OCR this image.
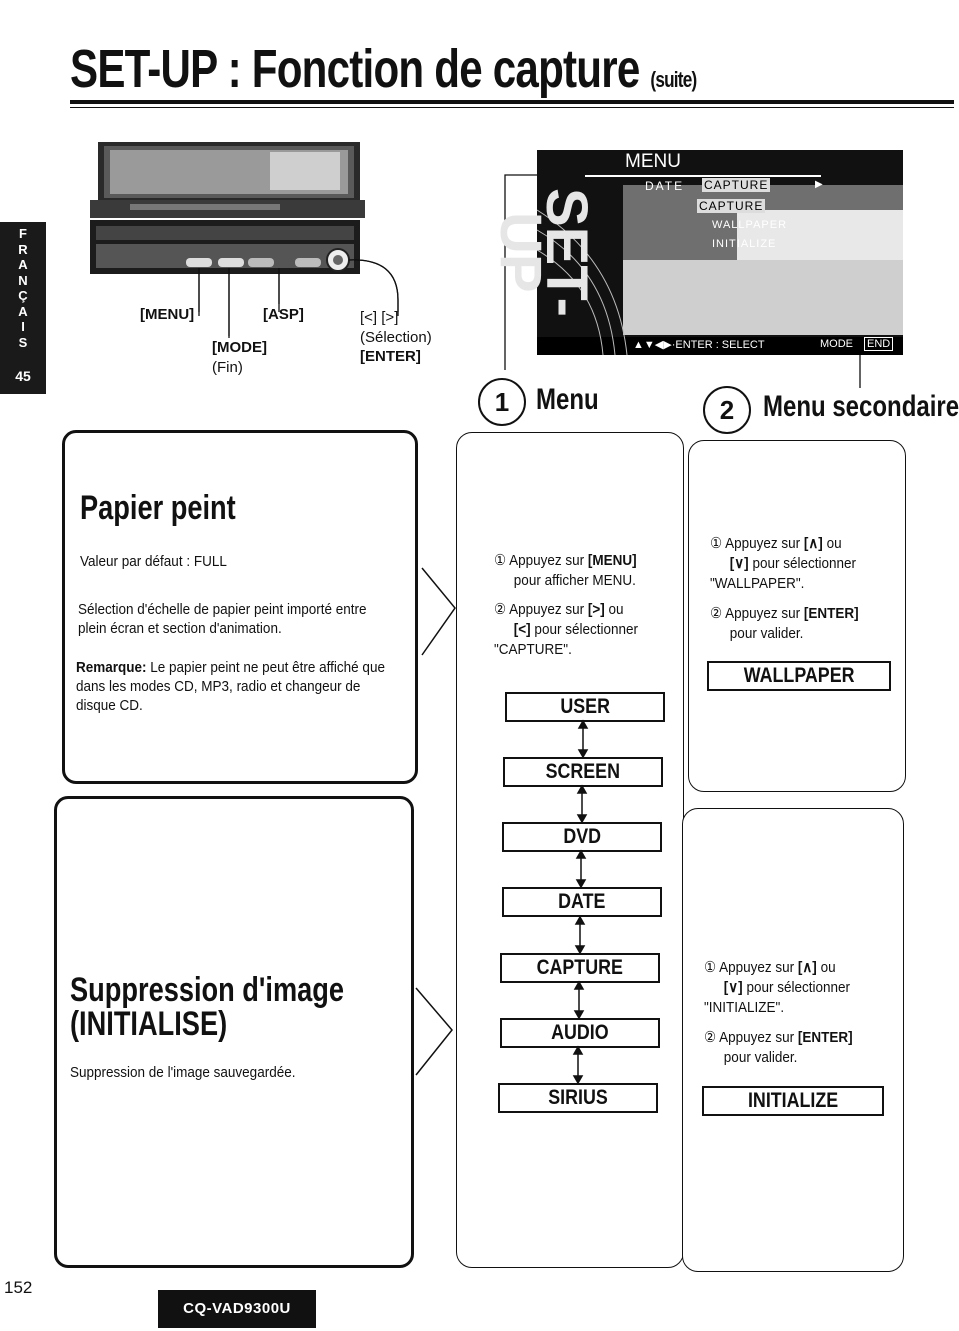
SET-UP : Fonction de capture (suite)
F
R
A
N
Ç
A
I
S
45
[MENU]	[ASP]	[<] [>]
(Sélection)
[ENTER]
[MODE]
(Fin)
SET-UP
MENU
DATE CAPTURE	▶
CAPTURE
WALLPAPER
INITIALIZE
▲▼◀▶·ENTER : SELECT	MODE END
1 Menu	2 Menu secondaire
Papier peint
Valeur par défaut : FULL
Sélection d'échelle de papier peint importé entre plein écran et section d'animation.
Remarque: Le papier peint ne peut être affiché que dans les modes CD, MP3, radio et changeur de disque CD.
Suppression d'image
(INITIALISE)
Suppression de l'image sauvegardée.
① Appuyez sur [MENU]
pour afficher MENU.
② Appuyez sur [>] ou
[<] pour sélectionner "CAPTURE".
USER
SCREEN
DVD
DATE
CAPTURE
AUDIO
SIRIUS
① Appuyez sur [∧] ou
[∨] pour sélectionner "WALLPAPER".
② Appuyez sur [ENTER]
pour valider.
WALLPAPER
① Appuyez sur [∧] ou
[∨] pour sélectionner "INITIALIZE".
② Appuyez sur [ENTER]
pour valider.
INITIALIZE
152
CQ-VAD9300U
